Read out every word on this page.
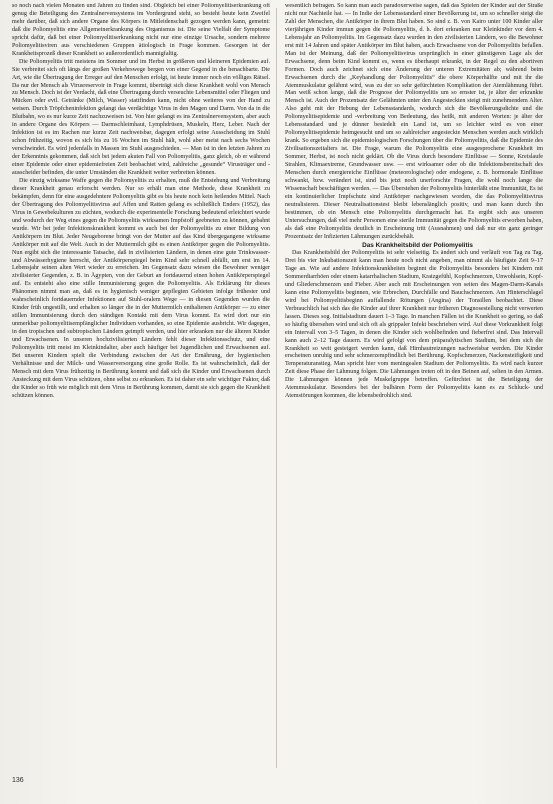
so noch nach vielen Monaten und Jahren zu finden sind. Obgleich bei einer Poliomyelitiserkrankung oft genug die Beteiligung des Zentralnervensystems im Vordergrund steht, so besteht heute kein Zweifel mehr darüber, daß sich andere Organe des Körpers in Mitleidenschaft gezogen werden kann, gemeint: daß die Poliomyelitis eine Allgemeinerkrankung des Organismus ist. Die seine Vielfalt der Symptome spricht dafür, daß bei einer Poliomyelitiserkrankung nicht nur eine einzige Ursache, sondern mehrere Poliomyelitisviren aus verschiedenen Gruppen ätiologisch in Frage kommen. Gesorgen ist der Krankheitsprozeß dieser Krankheit so außerordentlich mannigfaltig.

Die Poliomyelitis tritt meistens im Sommer und im Herbst in größeren und kleineren Epidemien auf. Sie verbreitet sich oft längs der großen Verkehrswege bergen von einer Gegend in die benachbarte. Die Art, wie die Übertragung der Erreger auf den Menschen erfolgt, ist heute immer noch ein völliges Rätsel. Da nur der Mensch als Virusreservoir in Frage kommt, überträgt sich diese Krankheit wohl von Mensch zu Mensch. Doch ist der Verdacht, daß eine Übertragung durch verseuchte Lebensmittel oder Fliegen und Mücken oder evtl. Getränke (Milch, Wasser) stattfinden kann, nicht ohne weiteres von der Hand zu weisen. Durch Tröpfcheninfektion gelangt das verdächtige Virus in den Magen und Darm. Von da in die Blutbahn, wo es nur kurze Zeit nachzuweisen ist. Von hier gelangt es ins Zentralnervensystem, aber auch in andere Organe des Körpers — Darmschleimhaut, Lymphdrüsen, Muskeln, Herz, Leber. Nach der Infektion ist es im Rachen nur kurze Zeit nachweisbar, dagegen erfolgt seine Ausscheidung im Stuhl schon frühzeitig, wovon es sich bis zu 16 Wochen im Stuhl hält, wohl aber meist nach sechs Wochen verschwindet. Es wird jedenfalls in Massen im Stuhl ausgeschieden. — Man ist in den letzten Jahren zu der Erkenntnis gekommen, daß sich bei jedem akuten Fall von Poliomyelitis, ganz gleich, ob er während einer Epidemie oder einer epidemiefreien Zeit beobachtet wird, zahlreiche „gesunde“ Virusträger und -ausscheider befinden, die unter Umständen die Krankheit weiter verbreiten können.

Die einzig wirksame Waffe gegen die Poliomyelitis zu erhalten, muß die Entstehung und Verbreitung dieser Krankheit genau erforscht werden. Nur so erhält man eine Methode, diese Krankheit zu bekämpfen, denn für eine ausgedehntere Poliomyelitis gibt es bis heute noch kein heilendes Mittel. Nach der Übertragung des Poliomyelitisvirus auf Affen und Ratten gelang es schließlich Enders (1952), das Virus in Gewebekulturen zu züchten, wodurch die experimentelle Forschung bedeutend erleichtert wurde und wodurch der Weg eines gegen die Poliomyelitis wirksamen Impfstoff geebneten zu können, gebahnt wurde. Wir bei jeder Infektionskrankheit kommt es auch bei der Poliomyelitis zu einer Bildung von Antikörpern im Blut. Jeder Neugeborene bringt von der Mutter auf das Kind übergegangene wirksame Antikörper mit auf die Welt. Auch in der Muttermilch gibt es einen Antikörper gegen die Poliomyelitis. Nun ergibt sich die interessante Tatsache, daß in zivilisierten Ländern, in denen eine gute Trinkwasser- und Abwässerhygiene herrscht, der Antikörperspiegel beim Kind sehr schnell abfällt, um erst im 14. Lebensjahr seinen alten Wert wieder zu erreichen. Im Gegensatz dazu wiesen die Bewohner weniger zivilisierter Gegenden, z. B. in Ägypten, von der Geburt an fortdauernd einen hohen Antikörperspiegel auf. Es entsteht also eine stille Immunisierung gegen die Poliomyelitis. Als Erklärung für dieses Phänomen nimmt man an, daß es in hygienisch weniger gepflegten Gebieten infolge frühester und wahrscheinlich fortdauernder Infektionen auf Stuhl-oralem Wege — in diesen Gegenden wurden die Kinder früh ungestillt, und erhalten so länger die in der Muttermilch enthaltenen Antikörper — zu einer stillen Immunisierung durch den ständigen Kontakt mit dem Virus kommt. Es wird dort nur ein unmerkbar poliomyelitisempfänglicher Individuen vorhanden, so eine Epidemie ausbricht. Wir dagegen, in den tropischen und subtropischen Ländern geimpft werden, und hier erkranken nur die älteren Kinder und Erwachsenen. In unseren hochzivilisierten Ländern fehlt dieser Infektionsschutz, und eine Poliomyelitis tritt meist im Kleinkindalter, aber auch häufiger bei Jugendlichen und Erwachsenen auf. Bei unseren Kindern spielt die Verbindung zwischen der Art der Ernährung, der hygienischen Verhältnisse und der Milch- und Wasserversorgung eine große Rolle. Es ist wahrscheinlich, daß der Mensch mit dem Virus frühzeitig in Berührung kommt und daß sich die Kinder und Erwachsenen durch Ansteckung mit dem Virus schützen, ohne selbst zu erkranken. Es ist daher ein sehr wichtiger Faktor, daß die Kinder so früh wie möglich mit dem Virus in Berührung kommen, damit sie sich gegen die Krankheit schützen können.

wesentlich befragen. So kann man auch paradoxerweise sagen, daß das Spielen der Kinder auf der Straße nicht nur Nachteile hat. — In Indie der Lebensstandard einer Bevölkerung ist, um so schneller steigt die Zahl der Menschen, die Antikörper in ihrem Blut haben. So sind z. B. von Kairo unter 100 Kinder aller vierjährigen Kinder immun gegen die Poliomyelitis, d. h. dort erkranken nur Kleinkinder vor dem 4. Lebensjahr an Poliomyelitis. Im Gegensatz dazu wurden in den zivilisierten Ländern, wo die Bewohner erst mit 14 Jahren und später Antikörper im Blut haben, auch Erwachsene von der Poliomyelitis befallen. Man ist der Meinung, daß der Poliomyelitisvirus ursprünglich in einer günstigeren Lage als der Erwachsene, denn beim Kind kommt es, wenn es überhaupt erkrankt, in der Regel zu den abortiven Formen. Doch auch zeichnet sich eine Änderung der unteren Extremitäten ab; während beim Erwachsenen durch die „Keyhandlung der Poliomyelitis“ die obere Körperhälfte und mit ihr die Atemmuskulatur gelähmt wird, was zu der so sehr gefürchteten Komplikation der Atemlähmung führt. Man weiß schon lange, daß die Prognose der Poliomyelitis um so ernster ist, je älter der erkrankte Mensch ist. Auch der Prozentsatz der Gelähmten unter den Angesteckten steigt mit zunehmendem Alter. Also geht mit der Hebung der Lebensstandards, wodurch sich die Bevölkerungsdichte und die Poliomyelitisepidemie und -verbreitung von Bedeutung, das heißt, mit anderen Worten: je älter der Lebensstandard und je dünner besiedelt ein Land ist, um so leichter wird es von einer Poliomyelitisepidemie heimgesucht und um so zahlreicher angesteckte Menschen werden auch wirklich krank. So ergeben sich die epidemiologischen Forschungen über die Poliomyelitis, daß die Epidemie des Zivilisationszeitalters ist. Die Frage, warum die Poliomyelitis eine ausgesprochene Krankheit im Sommer, Herbst, ist noch nicht geklärt. Ob die Virus durch besondere Einflüsse — Sonne, Kreislaufe Strahlen, Klimaextreme, Grundwasser usw. — erst wirksamer oder ob die Infektionsbereitschaft des Menschen durch energiereiche Einflüsse (meteorologische) oder endogene, z. B. hormonale Einflüsse schwankt, bzw. verändert ist, sind bis jetzt noch unerforschte Fragen, die wohl noch lange die Wissenschaft beschäftigen werden. — Das Überstehen der Poliomyelitis hinterläßt eine Immunität, Es ist ein kontinuierlicher Impfschutz sind Antikörper nachgewiesen worden, die das Poliomyelitisvirus neutralisieren. Dieser Neutralisationstest bleibt lebenslänglich positiv, und man kann durch ihn bestimmen, ob ein Mensch eine Poliomyelitis durchgemacht hat. Es ergibt sich aus unseren Untersuchungen, daß viel mehr Personen eine sterile Immunität gegen die Poliomyelitis erworben haben, als daß eine Poliomyelitis deutlich in Erscheinung tritt (Ausnahmen) und daß nur ein ganz geringer Prozentsatz der Infizierten Lähmungen zurückbehält.

Das Krankheitsbild der Poliomyelitis

Das Krankheitsbild der Poliomyelitis ist sehr vielseitig. Es ändert sich und verläuft von Tag zu Tag. Drei bis vier Inkubationszeit kann man heute noch nicht angeben, man nimmt als häufigste Zeit 9–17 Tage an. Wie auf andere Infektionskrankheiten beginnt die Poliomyelitis besonders bei Kindern mit Sommerdiarrhöen oder einem katarrhalischen Stadium, Kratzgefühl, Kopfschmerzen, Unwohlsein, Kopf- und Gliederschmerzen und Fieber. Aber auch mit Erscheinungen von seiten des Magen-Darm-Kanals kann eine Poliomyelitis beginnen, wie Erbrechen, Durchfälle und Bauchschmerzen. Am Hinterschlagel wird bei Poliomyelitisbeginn auffallende Rötungen (Angina) der Tonsillen beobachtet. Diese Verbrauchlich hat sich das die Kinder auf ihrer Krankheit nur früheren Diagnosestellung nicht verwerten lassen. Dieses sog. Initialstadium dauert 1–3 Tage. In manchen Fällen ist die Krankheit so gering, so daß so häufig übersehen wird und sich oft als grippaler Infekt beschrieben wird. Auf diese Vorkrankheit folgt ein Intervall von 3–5 Tagen, in denen die Kinder sich wohlbefinden und fieberfrei sind. Das Intervall kann auch 2–12 Tage dauern. Es wird gefolgt von dem präparalytischen Stadium, bei dem sich die Krankheit so weit gesteigert werden kann, daß Hirnhautreizungen nachweisbar werden. Die Kinder erscheinen unruhig und sehr schmerzempfindlich bei Berührung. Kopfschmerzen, Nackensteifigkeit und Temperaturanstieg. Man spricht hier vom meningealen Stadium der Poliomyelitis. Es wird nach kurzer Zeit diese Phase der Lähmung folgen. Die Lähmungen treten oft in den Beinen auf, selten in den Armen. Die Lähmungen können jede Muskelgruppe betreffen. Gefürchtet ist die Beteiligung der Atemmuskulatur. Besonders bei der bulbären Form der Poliomyelitis kann es zu Schluck- und Atemstörungen kommen, die lebensbedrohlich sind.

136
